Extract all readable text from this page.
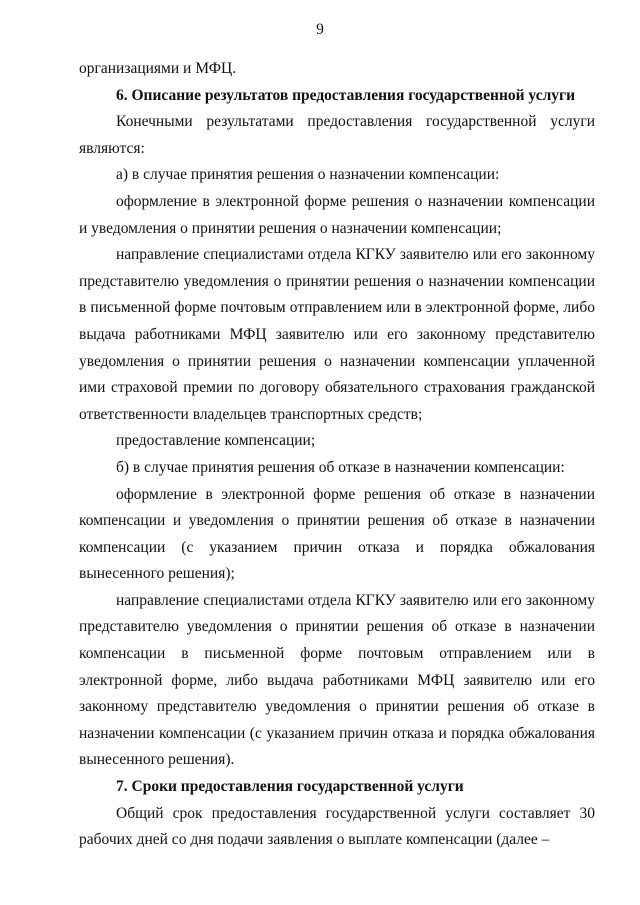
9

организациями и МФЦ.

6. Описание результатов предоставления государственной услуги

Конечными результатами предоставления государственной услуги являются:

а) в случае принятия решения о назначении компенсации:

оформление в электронной форме решения о назначении компенсации и уведомления о принятии решения о назначении компенсации;

направление специалистами отдела КГКУ заявителю или его законному представителю уведомления о принятии решения о назначении компенсации в письменной форме почтовым отправлением или в электронной форме, либо выдача работниками МФЦ заявителю или его законному представителю уведомления о принятии решения о назначении компенсации уплаченной ими страховой премии по договору обязательного страхования гражданской ответственности владельцев транспортных средств;

предоставление компенсации;

б) в случае принятия решения об отказе в назначении компенсации:

оформление в электронной форме решения об отказе в назначении компенсации и уведомления о принятии решения об отказе в назначении компенсации (с указанием причин отказа и порядка обжалования вынесенного решения);

направление специалистами отдела КГКУ заявителю или его законному представителю уведомления о принятии решения об отказе в назначении компенсации в письменной форме почтовым отправлением или в электронной форме, либо выдача работниками МФЦ заявителю или его законному представителю уведомления о принятии решения об отказе в назначении компенсации (с указанием причин отказа и порядка обжалования вынесенного решения).

7. Сроки предоставления государственной услуги

Общий срок предоставления государственной услуги составляет 30 рабочих дней со дня подачи заявления о выплате компенсации (далее –
